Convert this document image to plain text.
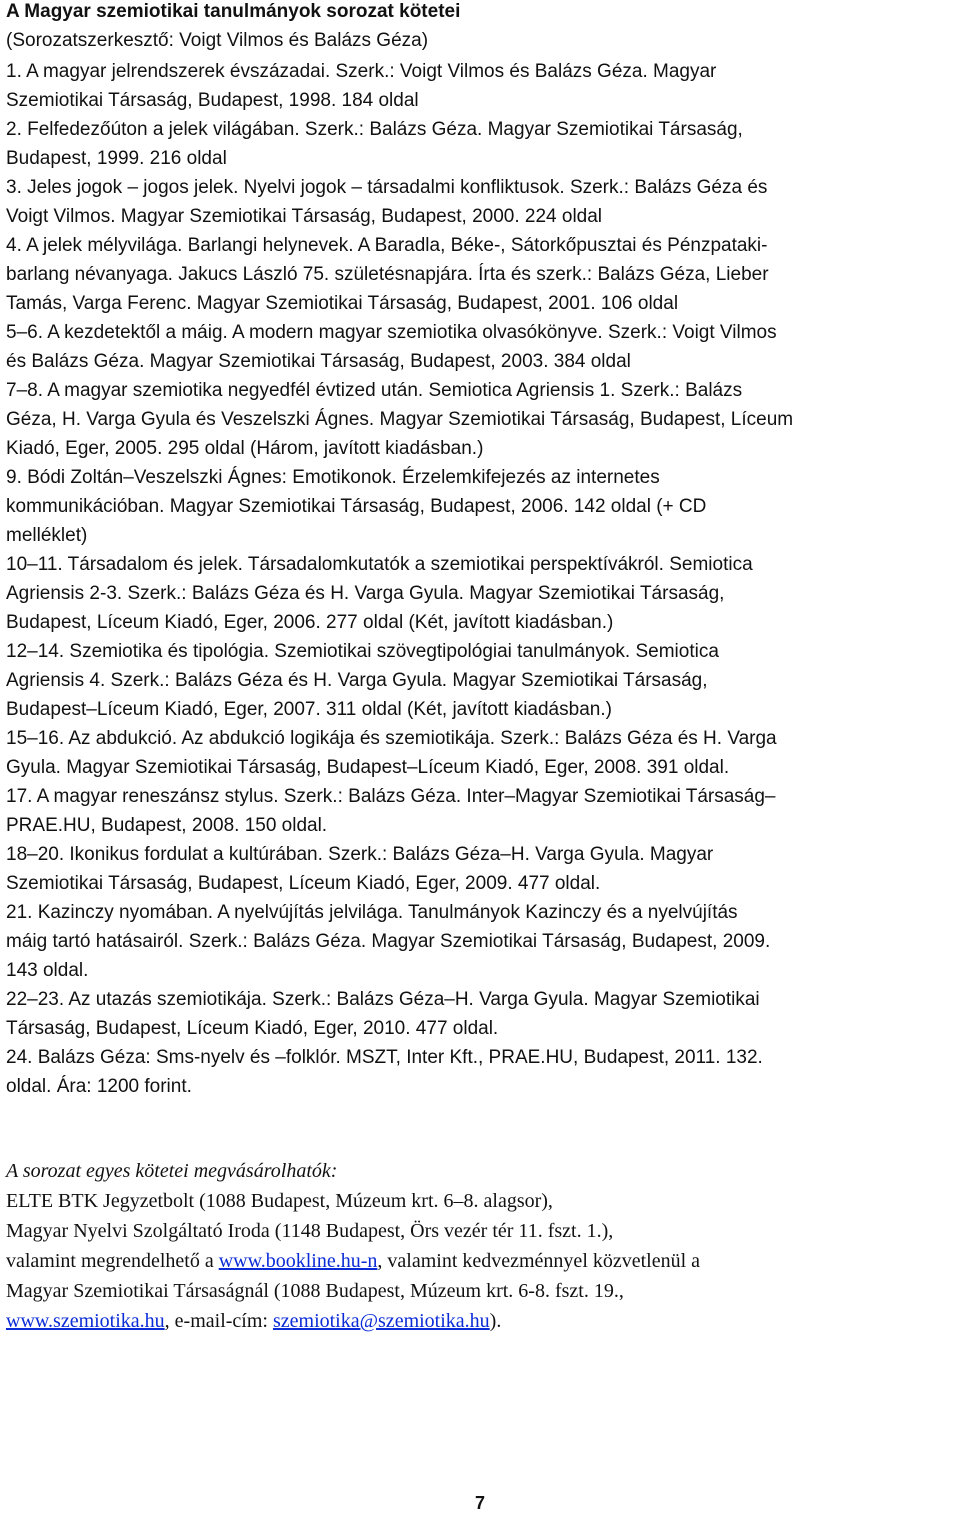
A Magyar szemiotikai tanulmányok sorozat kötetei
(Sorozatszerkesztő: Voigt Vilmos és Balázs Géza)
1. A magyar jelrendszerek évszázadai. Szerk.: Voigt Vilmos és Balázs Géza. Magyar
Szemiotikai Társaság, Budapest, 1998. 184 oldal
2. Felfedezőúton a jelek világában. Szerk.: Balázs Géza. Magyar Szemiotikai Társaság,
Budapest, 1999. 216 oldal
3. Jeles jogok – jogos jelek. Nyelvi jogok – társadalmi konfliktusok. Szerk.: Balázs Géza és
Voigt Vilmos. Magyar Szemiotikai Társaság, Budapest, 2000. 224 oldal
4. A jelek mélyvilága. Barlangi helynevek. A Baradla, Béke-, Sátorkőpusztai és Pénzpataki-
barlang névanyaga. Jakucs László 75. születésnapjára. Írta és szerk.: Balázs Géza, Lieber
Tamás, Varga Ferenc. Magyar Szemiotikai Társaság, Budapest, 2001. 106 oldal
5–6. A kezdetektől a máig. A modern magyar szemiotika olvasókönyve. Szerk.: Voigt Vilmos
és Balázs Géza. Magyar Szemiotikai Társaság, Budapest, 2003. 384 oldal
7–8. A magyar szemiotika negyedfél évtized után. Semiotica Agriensis 1. Szerk.: Balázs
Géza, H. Varga Gyula és Veszelszki Ágnes. Magyar Szemiotikai Társaság, Budapest, Líceum
Kiadó, Eger, 2005. 295 oldal (Három, javított kiadásban.)
9. Bódi Zoltán–Veszelszki Ágnes: Emotikonok. Érzelemkifejezés az internetes
kommunikációban. Magyar Szemiotikai Társaság, Budapest, 2006. 142 oldal (+ CD
melléklet)
10–11. Társadalom és jelek. Társadalomkutatók a szemiotikai perspektívákról. Semiotica
Agriensis 2-3. Szerk.: Balázs Géza és H. Varga Gyula. Magyar Szemiotikai Társaság,
Budapest, Líceum Kiadó, Eger, 2006. 277 oldal (Két, javított kiadásban.)
12–14. Szemiotika és tipológia. Szemiotikai szövegtipológiai tanulmányok. Semiotica
Agriensis 4. Szerk.: Balázs Géza és H. Varga Gyula. Magyar Szemiotikai Társaság,
Budapest–Líceum Kiadó, Eger, 2007. 311 oldal (Két, javított kiadásban.)
15–16. Az abdukció. Az abdukció logikája és szemiotikája. Szerk.: Balázs Géza és H. Varga
Gyula. Magyar Szemiotikai Társaság, Budapest–Líceum Kiadó, Eger, 2008. 391 oldal.
17. A magyar reneszánsz stylus. Szerk.: Balázs Géza. Inter–Magyar Szemiotikai Társaság–
PRAE.HU, Budapest, 2008. 150 oldal.
18–20. Ikonikus fordulat a kultúrában. Szerk.: Balázs Géza–H. Varga Gyula. Magyar
Szemiotikai Társaság, Budapest, Líceum Kiadó, Eger, 2009. 477 oldal.
21. Kazinczy nyomában. A nyelvújítás jelvilága. Tanulmányok Kazinczy és a nyelvújítás
máig tartó hatásairól. Szerk.: Balázs Géza. Magyar Szemiotikai Társaság, Budapest, 2009.
143 oldal.
22–23. Az utazás szemiotikája. Szerk.: Balázs Géza–H. Varga Gyula. Magyar Szemiotikai
Társaság, Budapest, Líceum Kiadó, Eger, 2010. 477 oldal.
24. Balázs Géza: Sms-nyelv és –folklór. MSZT, Inter Kft., PRAE.HU, Budapest, 2011. 132.
oldal. Ára: 1200 forint.
A sorozat egyes kötetei megvásárolhatók:
ELTE BTK Jegyzetbolt (1088 Budapest, Múzeum krt. 6–8. alagsor),
Magyar Nyelvi Szolgáltató Iroda (1148 Budapest, Örs vezér tér 11. fszt. 1.),
valamint megrendelhető a www.bookline.hu-n, valamint kedvezménnyel közvetlenül a
Magyar Szemiotikai Társaságnál (1088 Budapest, Múzeum krt. 6-8. fszt. 19.,
www.szemiotika.hu, e-mail-cím: szemiotika@szemiotika.hu).
7
